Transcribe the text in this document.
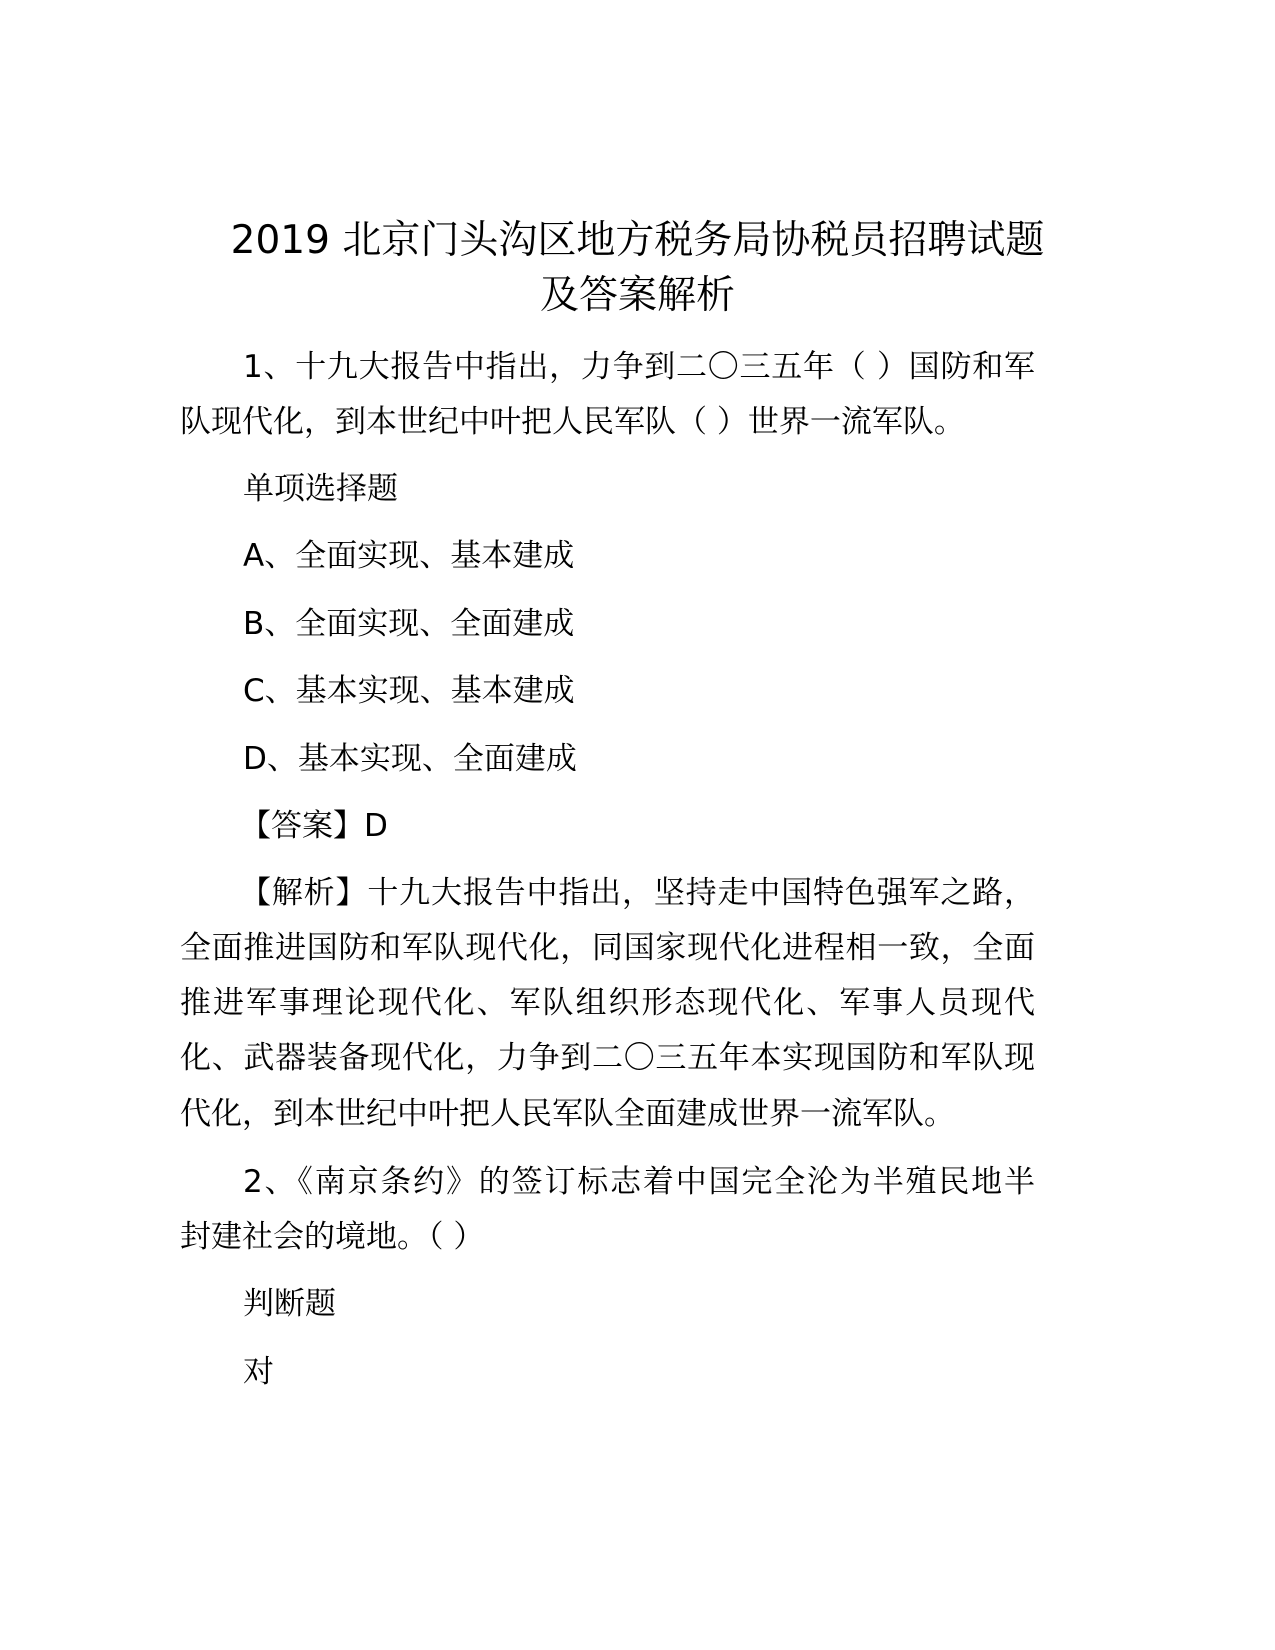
2019 北京门头沟区地方税务局协税员招聘试题
及答案解析
1、十九大报告中指出，力争到二〇三五年（ ）国防和军
队现代化，到本世纪中叶把人民军队（ ）世界一流军队。
单项选择题
A、全面实现、基本建成
B、全面实现、全面建成
C、基本实现、基本建成
D、基本实现、全面建成
【答案】D
【解析】十九大报告中指出，坚持走中国特色强军之路，
全面推进国防和军队现代化，同国家现代化进程相一致，全面
推进军事理论现代化、军队组织形态现代化、军事人员现代
化、武器装备现代化，力争到二〇三五年本实现国防和军队现
代化，到本世纪中叶把人民军队全面建成世界一流军队。
2、《南京条约》的签订标志着中国完全沦为半殖民地半
封建社会的境地。（ ）
判断题
对
